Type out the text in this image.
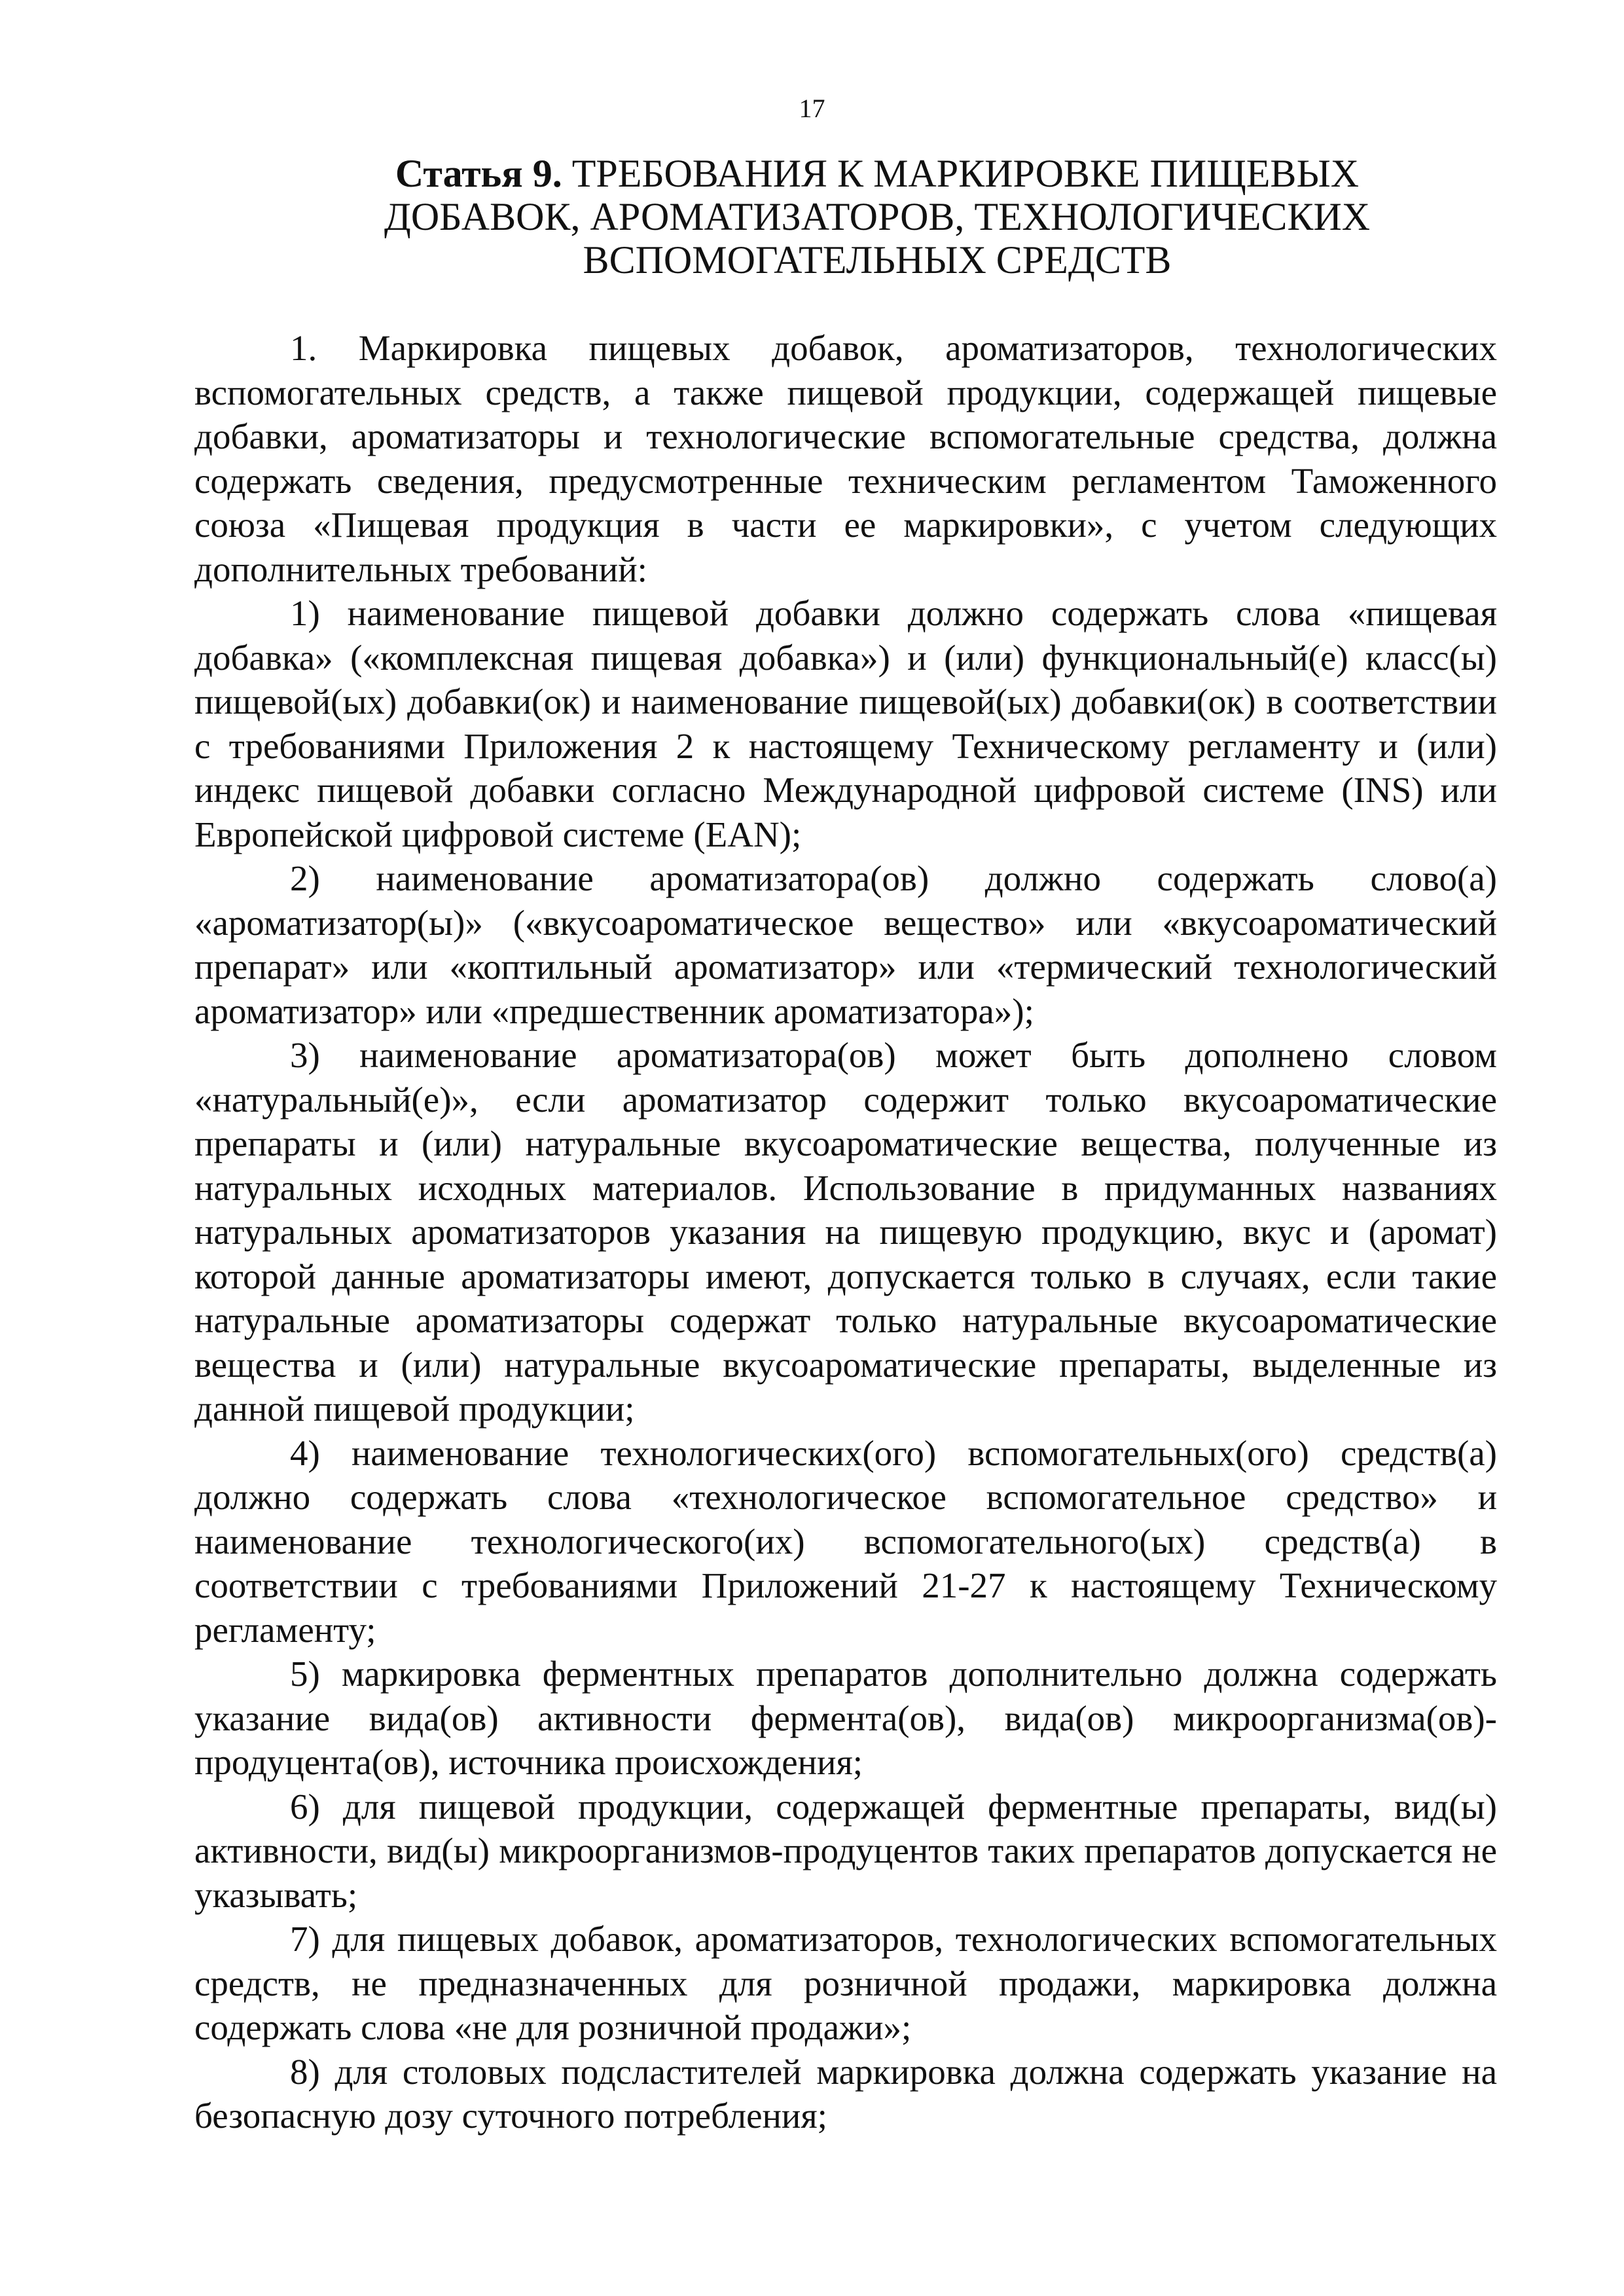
17
Статья 9. ТРЕБОВАНИЯ К МАРКИРОВКЕ ПИЩЕВЫХ ДОБАВОК, АРОМАТИЗАТОРОВ, ТЕХНОЛОГИЧЕСКИХ ВСПОМОГАТЕЛЬНЫХ СРЕДСТВ

1. Маркировка пищевых добавок, ароматизаторов, технологических вспомогательных средств, а также пищевой продукции, содержащей пищевые добавки, ароматизаторы и технологические вспомогательные средства, должна содержать сведения, предусмотренные техническим регламентом Таможенного союза «Пищевая продукция в части ее маркировки», с учетом следующих дополнительных требований:

1) наименование пищевой добавки должно содержать слова «пищевая добавка» («комплексная пищевая добавка») и (или) функциональный(е) класс(ы) пищевой(ых) добавки(ок) и наименование пищевой(ых) добавки(ок) в соответствии с требованиями Приложения 2 к настоящему Техническому регламенту и (или) индекс пищевой добавки согласно Международной цифровой системе (INS) или Европейской цифровой системе (EAN);

2) наименование ароматизатора(ов) должно содержать слово(а) «ароматизатор(ы)» («вкусоароматическое вещество» или «вкусоароматический препарат» или «коптильный ароматизатор» или «термический технологический ароматизатор» или «предшественник ароматизатора»);

3) наименование ароматизатора(ов) может быть дополнено словом «натуральный(е)», если ароматизатор содержит только вкусоароматические препараты и (или) натуральные вкусоароматические вещества, полученные из натуральных исходных материалов. Использование в придуманных названиях натуральных ароматизаторов указания на пищевую продукцию, вкус и (аромат) которой данные ароматизаторы имеют, допускается только в случаях, если такие натуральные ароматизаторы содержат только натуральные вкусоароматические вещества и (или) натуральные вкусоароматические препараты, выделенные из данной пищевой продукции;

4) наименование технологических(ого) вспомогательных(ого) средств(а) должно содержать слова «технологическое вспомогательное средство» и наименование технологического(их) вспомогательного(ых) средств(а) в соответствии с требованиями Приложений 21-27 к настоящему Техническому регламенту;

5) маркировка ферментных препаратов дополнительно должна содержать указание вида(ов) активности фермента(ов), вида(ов) микроорганизма(ов)-продуцента(ов), источника происхождения;

6) для пищевой продукции, содержащей ферментные препараты, вид(ы) активности, вид(ы) микроорганизмов-продуцентов таких препаратов допускается не указывать;

7) для пищевых добавок, ароматизаторов, технологических вспомогательных средств, не предназначенных для розничной продажи, маркировка должна содержать слова «не для розничной продажи»;

8) для столовых подсластителей маркировка должна содержать указание на безопасную дозу суточного потребления;
